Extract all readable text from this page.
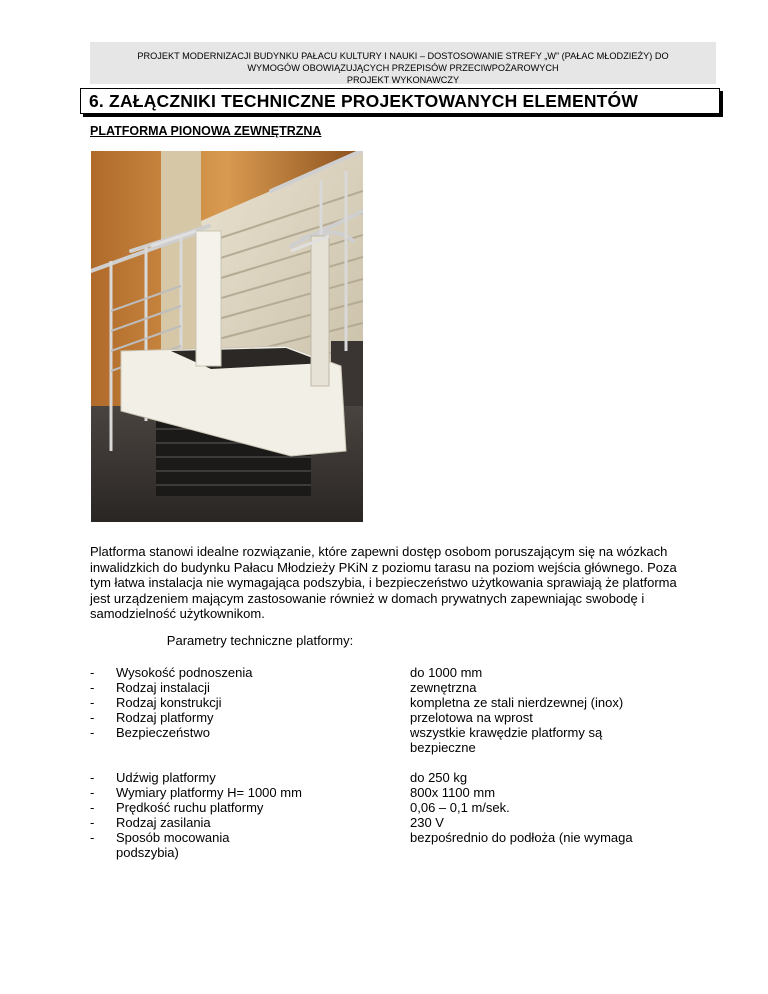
PROJEKT MODERNIZACJI BUDYNKU PAŁACU KULTURY I NAUKI – DOSTOSOWANIE STREFY „W” (PAŁAC MŁODZIEŻY) DO
WYMOGÓW OBOWIĄZUJĄCYCH PRZEPISÓW PRZECIWPOŻAROWYCH
PROJEKT WYKONAWCZY
6. ZAŁĄCZNIKI TECHNICZNE PROJEKTOWANYCH ELEMENTÓW
PLATFORMA PIONOWA ZEWNĘTRZNA
Platforma stanowi idealne rozwiązanie, które zapewni dostęp osobom poruszającym się na wózkach inwalidzkich do budynku Pałacu Młodzieży PKiN z poziomu tarasu na poziom wejścia głównego. Poza tym łatwa instalacja nie wymagająca podszybia, i bezpieczeństwo użytkowania sprawiają że platforma jest urządzeniem mającym zastosowanie również w domach prywatnych zapewniając swobodę i samodzielność użytkownikom.
Parametry techniczne platformy:
-	Wysokość podnoszenia	do 1000 mm
-	Rodzaj instalacji	zewnętrzna
-	Rodzaj konstrukcji	kompletna ze stali nierdzewnej (inox)
-	Rodzaj platformy	przelotowa na wprost
-	Bezpieczeństwo	wszystkie krawędzie platformy są
bezpieczne
-	Udźwig platformy	do 250 kg
-	Wymiary platformy H= 1000 mm	800x 1100 mm
-	Prędkość ruchu platformy	0,06 – 0,1 m/sek.
-	Rodzaj zasilania	230 V
-	Sposób mocowania	bezpośrednio do podłoża (nie wymaga
podszybia)
